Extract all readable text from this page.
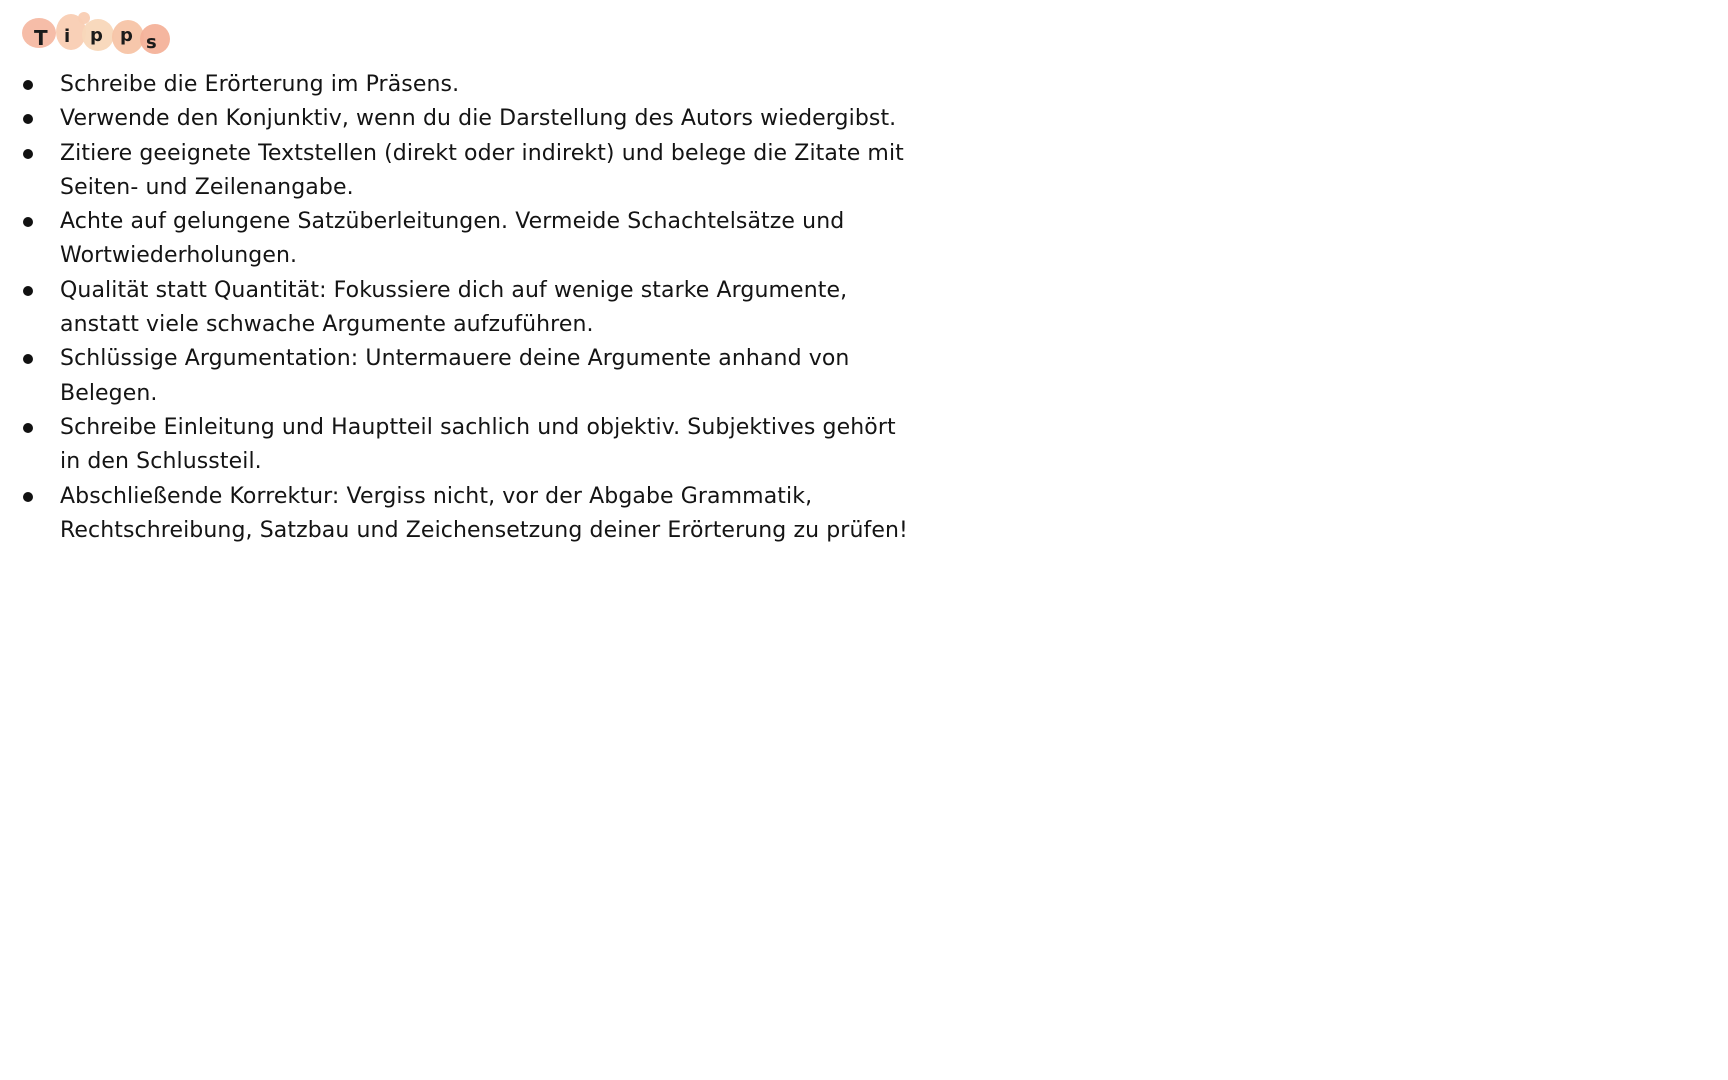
T i p p s
Schreibe die Erörterung im Präsens.
Verwende den Konjunktiv, wenn du die Darstellung des Autors wiedergibst.
Zitiere geeignete Textstellen (direkt oder indirekt) und belege die Zitate mit
Seiten- und Zeilenangabe.
Achte auf gelungene Satzüberleitungen. Vermeide Schachtelsätze und
Wortwiederholungen.
Qualität statt Quantität: Fokussiere dich auf wenige starke Argumente,
anstatt viele schwache Argumente aufzuführen.
Schlüssige Argumentation: Untermauere deine Argumente anhand von
Belegen.
Schreibe Einleitung und Hauptteil sachlich und objektiv. Subjektives gehört
in den Schlussteil.
Abschließende Korrektur: Vergiss nicht, vor der Abgabe Grammatik,
Rechtschreibung, Satzbau und Zeichensetzung deiner Erörterung zu prüfen!
